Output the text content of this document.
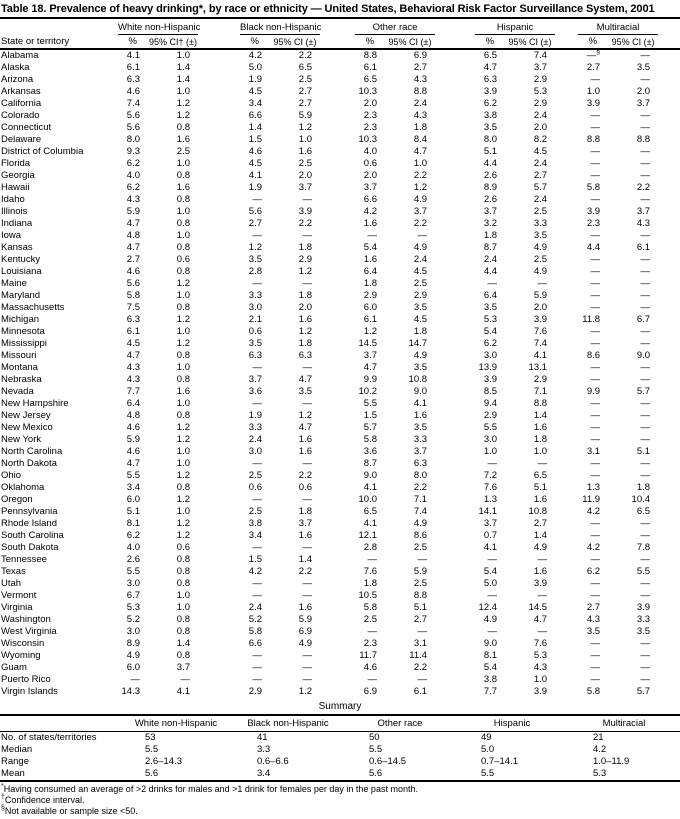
Table 18. Prevalence of heavy drinking*, by race or ethnicity — United States, Behavioral Risk Factor Surveillance System, 2001
	White non-Hispanic			Black non-Hispanic			Other race			Hispanic			Multiracial		
State or territory	%	95% CI† (±)		%	95% CI (±)		%	95% CI (±)		%	95% CI (±)		%	95% CI (±)	
Alabama	4.1	1.0		4.2	2.2		8.8	6.9		6.5	7.4		—§	—	
Alaska	6.1	1.4		5.0	6.5		6.1	2.7		4.7	3.7		2.7	3.5	
Arizona	6.3	1.4		1.9	2.5		6.5	4.3		6.3	2.9		—	—	
Arkansas	4.6	1.0		4.5	2.7		10.3	8.8		3.9	5.3		1.0	2.0	
California	7.4	1.2		3.4	2.7		2.0	2.4		6.2	2.9		3.9	3.7	
Colorado	5.6	1.2		6.6	5.9		2.3	4.3		3.8	2.4		—	—	
Connecticut	5.6	0.8		1.4	1.2		2.3	1.8		3.5	2.0		—	—	
Delaware	8.0	1.6		1.5	1.0		10.3	8.4		8.0	8.2		8.8	8.8	
District of Columbia	9.3	2.5		4.6	1.6		4.0	4.7		5.1	4.5		—	—	
Florida	6.2	1.0		4.5	2.5		0.6	1.0		4.4	2.4		—	—	
Georgia	4.0	0.8		4.1	2.0		2.0	2.2		2.6	2.7		—	—	
Hawaii	6.2	1.6		1.9	3.7		3.7	1.2		8.9	5.7		5.8	2.2	
Idaho	4.3	0.8		—	—		6.6	4.9		2.6	2.4		—	—	
Illinois	5.9	1.0		5.6	3.9		4.2	3.7		3.7	2.5		3.9	3.7	
Indiana	4.7	0.8		2.7	2.2		1.6	2.2		3.2	3.3		2.3	4.3	
Iowa	4.8	1.0		—	—		—	—		1.8	3.5		—	—	
Kansas	4.7	0.8		1.2	1.8		5.4	4.9		8.7	4.9		4.4	6.1	
Kentucky	2.7	0.6		3.5	2.9		1.6	2.4		2.4	2.5		—	—	
Louisiana	4.6	0.8		2.8	1.2		6.4	4.5		4.4	4.9		—	—	
Maine	5.6	1.2		—	—		1.8	2.5		—	—		—	—	
Maryland	5.8	1.0		3.3	1.8		2.9	2.9		6.4	5.9		—	—	
Massachusetts	7.5	0.8		3.0	2.0		6.0	3.5		3.5	2.0		—	—	
Michigan	6.3	1.2		2.1	1.6		6.1	4.5		5.3	3.9		11.8	6.7	
Minnesota	6.1	1.0		0.6	1.2		1.2	1.8		5.4	7.6		—	—	
Mississippi	4.5	1.2		3.5	1.8		14.5	14.7		6.2	7.4		—	—	
Missouri	4.7	0.8		6.3	6.3		3.7	4.9		3.0	4.1		8.6	9.0	
Montana	4.3	1.0		—	—		4.7	3.5		13.9	13.1		—	—	
Nebraska	4.3	0.8		3.7	4.7		9.9	10.8		3.9	2.9		—	—	
Nevada	7.7	1.6		3.6	3.5		10.2	9.0		8.5	7.1		9.9	5.7	
New Hampshire	6.4	1.0		—	—		5.5	4.1		9.4	8.8		—	—	
New Jersey	4.8	0.8		1.9	1.2		1.5	1.6		2.9	1.4		—	—	
New Mexico	4.6	1.2		3.3	4.7		5.7	3.5		5.5	1.6		—	—	
New York	5.9	1.2		2.4	1.6		5.8	3.3		3.0	1.8		—	—	
North Carolina	4.6	1.0		3.0	1.6		3.6	3.7		1.0	1.0		3.1	5.1	
North Dakota	4.7	1.0		—	—		8.7	6.3		—	—		—	—	
Ohio	5.5	1.2		2.5	2.2		9.0	8.0		7.2	6.5		—	—	
Oklahoma	3.4	0.8		0.6	0.6		4.1	2.2		7.6	5.1		1.3	1.8	
Oregon	6.0	1.2		—	—		10.0	7.1		1.3	1.6		11.9	10.4	
Pennsylvania	5.1	1.0		2.5	1.8		6.5	7.4		14.1	10.8		4.2	6.5	
Rhode Island	8.1	1.2		3.8	3.7		4.1	4.9		3.7	2.7		—	—	
South Carolina	6.2	1.2		3.4	1.6		12.1	8.6		0.7	1.4		—	—	
South Dakota	4.0	0.6		—	—		2.8	2.5		4.1	4.9		4.2	7.8	
Tennessee	2.6	0.8		1.5	1.4		—	—		—	—		—	—	
Texas	5.5	0.8		4.2	2.2		7.6	5.9		5.4	1.6		6.2	5.5	
Utah	3.0	0.8		—	—		1.8	2.5		5.0	3.9		—	—	
Vermont	6.7	1.0		—	—		10.5	8.8		—	—		—	—	
Virginia	5.3	1.0		2.4	1.6		5.8	5.1		12.4	14.5		2.7	3.9	
Washington	5.2	0.8		5.2	5.9		2.5	2.7		4.9	4.7		4.3	3.3	
West Virginia	3.0	0.8		5.8	6.9		—	—		—	—		3.5	3.5	
Wisconsin	8.9	1.4		6.6	4.9		2.3	3.1		9.0	7.6		—	—	
Wyoming	4.9	0.8		—	—		11.7	11.4		8.1	5.3		—	—	
Guam	6.0	3.7		—	—		4.6	2.2		5.4	4.3		—	—	
Puerto Rico	—	—		—	—		—	—		3.8	1.0		—	—	
Virgin Islands	14.3	4.1		2.9	1.2		6.9	6.1		7.7	3.9		5.8	5.7	
Summary
	White non-Hispanic	Black non-Hispanic	Other race	Hispanic	Multiracial
No. of states/territories	53	41	50	49	21
Median	5.5	3.3	5.5	5.0	4.2
Range	2.6–14.3	0.6–6.6	0.6–14.5	0.7–14.1	1.0–11.9
Mean	5.6	3.4	5.6	5.5	5.3
*Having consumed an average of >2 drinks for males and >1 drink for females per day in the past month.
†Confidence interval.
§Not available or sample size <50.
